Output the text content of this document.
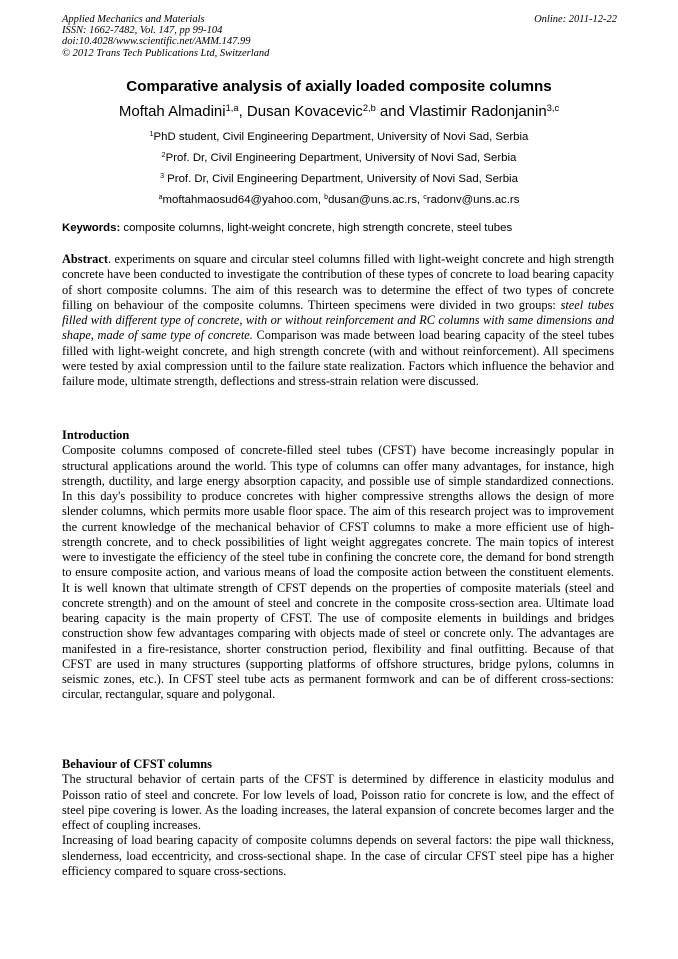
Applied Mechanics and Materials
ISSN: 1662-7482, Vol. 147, pp 99-104
doi:10.4028/www.scientific.net/AMM.147.99
© 2012 Trans Tech Publications Ltd, Switzerland
Online: 2011-12-22
Comparative analysis of axially loaded composite columns
Moftah Almadini$^{1,a}$, Dusan Kovacevic$^{2,b}$ and Vlastimir Radonjanin$^{3,c}$
$^1$PhD student, Civil Engineering Department, University of Novi Sad, Serbia
$^2$Prof. Dr, Civil Engineering Department, University of Novi Sad, Serbia
$^3$ Prof. Dr, Civil Engineering Department, University of Novi Sad, Serbia
$^a$moftahmaosud64@yahoo.com, $^b$dusan@uns.ac.rs, $^c$radonv@uns.ac.rs
Keywords: composite columns, light-weight concrete, high strength concrete, steel tubes

Abstract. experiments on square and circular steel columns filled with light-weight concrete and high strength concrete have been conducted to investigate the contribution of these types of concrete to load bearing capacity of short composite columns. The aim of this research was to determine the effect of two types of concrete filling on behaviour of the composite columns. Thirteen specimens were divided in two groups: steel tubes filled with different type of concrete, with or without reinforcement and RC columns with same dimensions and shape, made of same type of concrete. Comparison was made between load bearing capacity of the steel tubes filled with light-weight concrete, and high strength concrete (with and without reinforcement). All specimens were tested by axial compression until to the failure state realization. Factors which influence the behavior and failure mode, ultimate strength, deflections and stress-strain relation were discussed.

Introduction

Composite columns composed of concrete-filled steel tubes (CFST) have become increasingly popular in structural applications around the world. This type of columns can offer many advantages, for instance, high strength, ductility, and large energy absorption capacity, and possible use of simple standardized connections. In this day's possibility to produce concretes with higher compressive strengths allows the design of more slender columns, which permits more usable floor space. The aim of this research project was to improvement the current knowledge of the mechanical behavior of CFST columns to make a more efficient use of high-strength concrete, and to check possibilities of light weight aggregates concrete. The main topics of interest were to investigate the efficiency of the steel tube in confining the concrete core, the demand for bond strength to ensure composite action, and various means of load the composite action between the constituent elements. It is well known that ultimate strength of CFST depends on the properties of composite materials (steel and concrete strength) and on the amount of steel and concrete in the composite cross-section area. Ultimate load bearing capacity is the main property of CFST. The use of composite elements in buildings and bridges construction show few advantages comparing with objects made of steel or concrete only. The advantages are manifested in a fire-resistance, shorter construction period, flexibility and final outfitting. Because of that CFST are used in many structures (supporting platforms of offshore structures, bridge pylons, columns in seismic zones, etc.). In CFST steel tube acts as permanent formwork and can be of different cross-sections: circular, rectangular, square and polygonal.

Behaviour of CFST columns

The structural behavior of certain parts of the CFST is determined by difference in elasticity modulus and Poisson ratio of steel and concrete. For low levels of load, Poisson ratio for concrete is low, and the effect of steel pipe covering is lower. As the loading increases, the lateral expansion of concrete becomes larger and the effect of coupling increases.

Increasing of load bearing capacity of composite columns depends on several factors: the pipe wall thickness, slenderness, load eccentricity, and cross-sectional shape. In the case of circular CFST steel pipe has a higher efficiency compared to square cross-sections.
